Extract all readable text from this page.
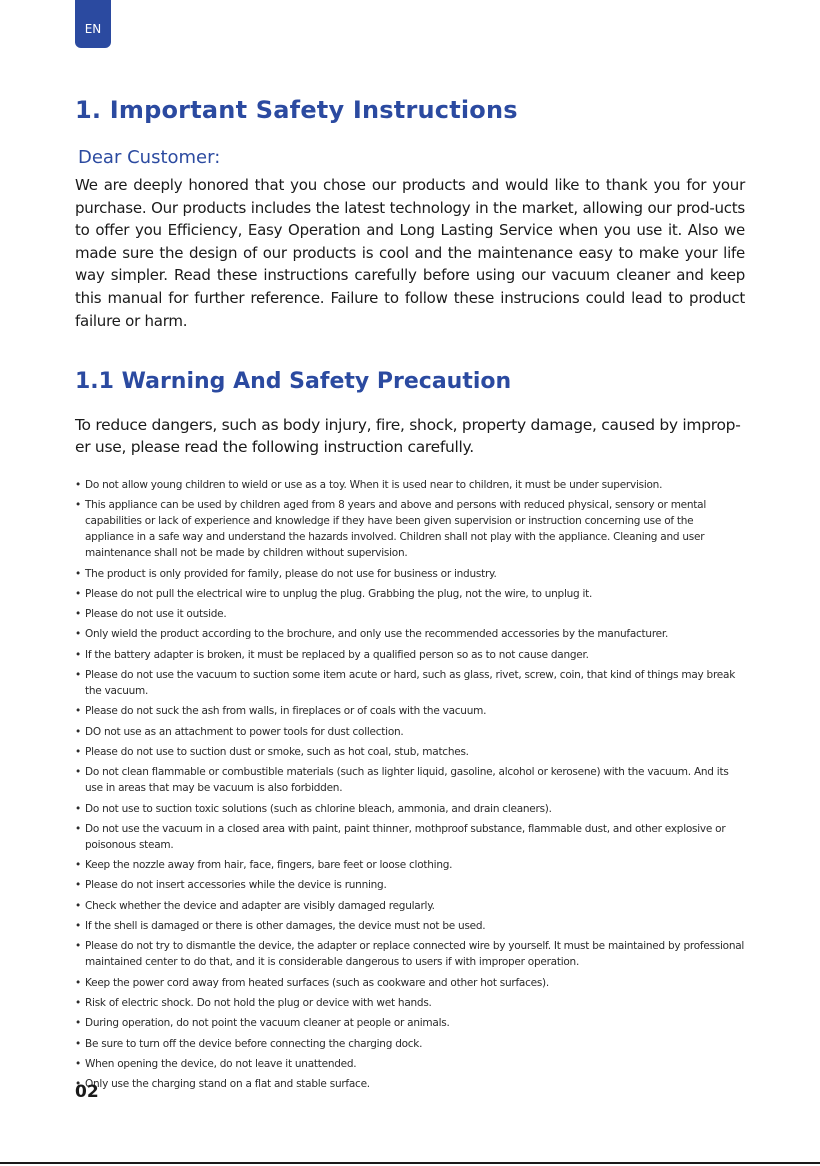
EN
1. Important Safety Instructions
Dear Customer:

We are deeply honored that you chose our products and would like to thank you for your purchase. Our products includes the latest technology in the market, allowing our prod-ucts to offer you Efficiency, Easy Operation and Long Lasting Service when you use it. Also we made sure the design of our products is cool and the maintenance easy to make your life way simpler. Read these instructions carefully before using our vacuum cleaner and keep this manual for further reference. Failure to follow these instrucions could lead to product failure or harm.

1.1 Warning And Safety Precaution

To reduce dangers, such as body injury, fire, shock, property damage, caused by improp-er use, please read the following instruction carefully.

• Do not allow young children to wield or use as a toy. When it is used near to children, it must be under supervision.
• This appliance can be used by children aged from 8 years and above and persons with reduced physical, sensory or mental capabilities or lack of experience and knowledge if they have been given supervision or instruction concerning use of the appliance in a safe way and understand the hazards involved. Children shall not play with the appliance. Cleaning and user maintenance shall not be made by children without supervision.
• The product is only provided for family, please do not use for business or industry.
• Please do not pull the electrical wire to unplug the plug. Grabbing the plug, not the wire, to unplug it.
• Please do not use it outside.
• Only wield the product according to the brochure, and only use the recommended accessories by the manufacturer.
• If the battery adapter is broken, it must be replaced by a qualified person so as to not cause danger.
• Please do not use the vacuum to suction some item acute or hard, such as glass, rivet, screw, coin, that kind of things may break the vacuum.
• Please do not suck the ash from walls, in fireplaces or of coals with the vacuum.
• DO not use as an attachment to power tools for dust collection.
• Please do not use to suction dust or smoke, such as hot coal, stub, matches.
• Do not clean flammable or combustible materials (such as lighter liquid, gasoline, alcohol or kerosene) with the vacuum. And its use in areas that may be vacuum is also forbidden.
• Do not use to suction toxic solutions (such as chlorine bleach, ammonia, and drain cleaners).
• Do not use the vacuum in a closed area with paint, paint thinner, mothproof substance, flammable dust, and other explosive or poisonous steam.
• Keep the nozzle away from hair, face, fingers, bare feet or loose clothing.
• Please do not insert accessories while the device is running.
• Check whether the device and adapter are visibly damaged regularly.
• If the shell is damaged or there is other damages, the device must not be used.
• Please do not try to dismantle the device, the adapter or replace connected wire by yourself. It must be maintained by professional maintained center to do that, and it is considerable dangerous to users if with improper operation.
• Keep the power cord away from heated surfaces (such as cookware and other hot surfaces).
• Risk of electric shock. Do not hold the plug or device with wet hands.
• During operation, do not point the vacuum cleaner at people or animals.
• Be sure to turn off the device before connecting the charging dock.
• When opening the device, do not leave it unattended.
• Only use the charging stand on a flat and stable surface.
02
